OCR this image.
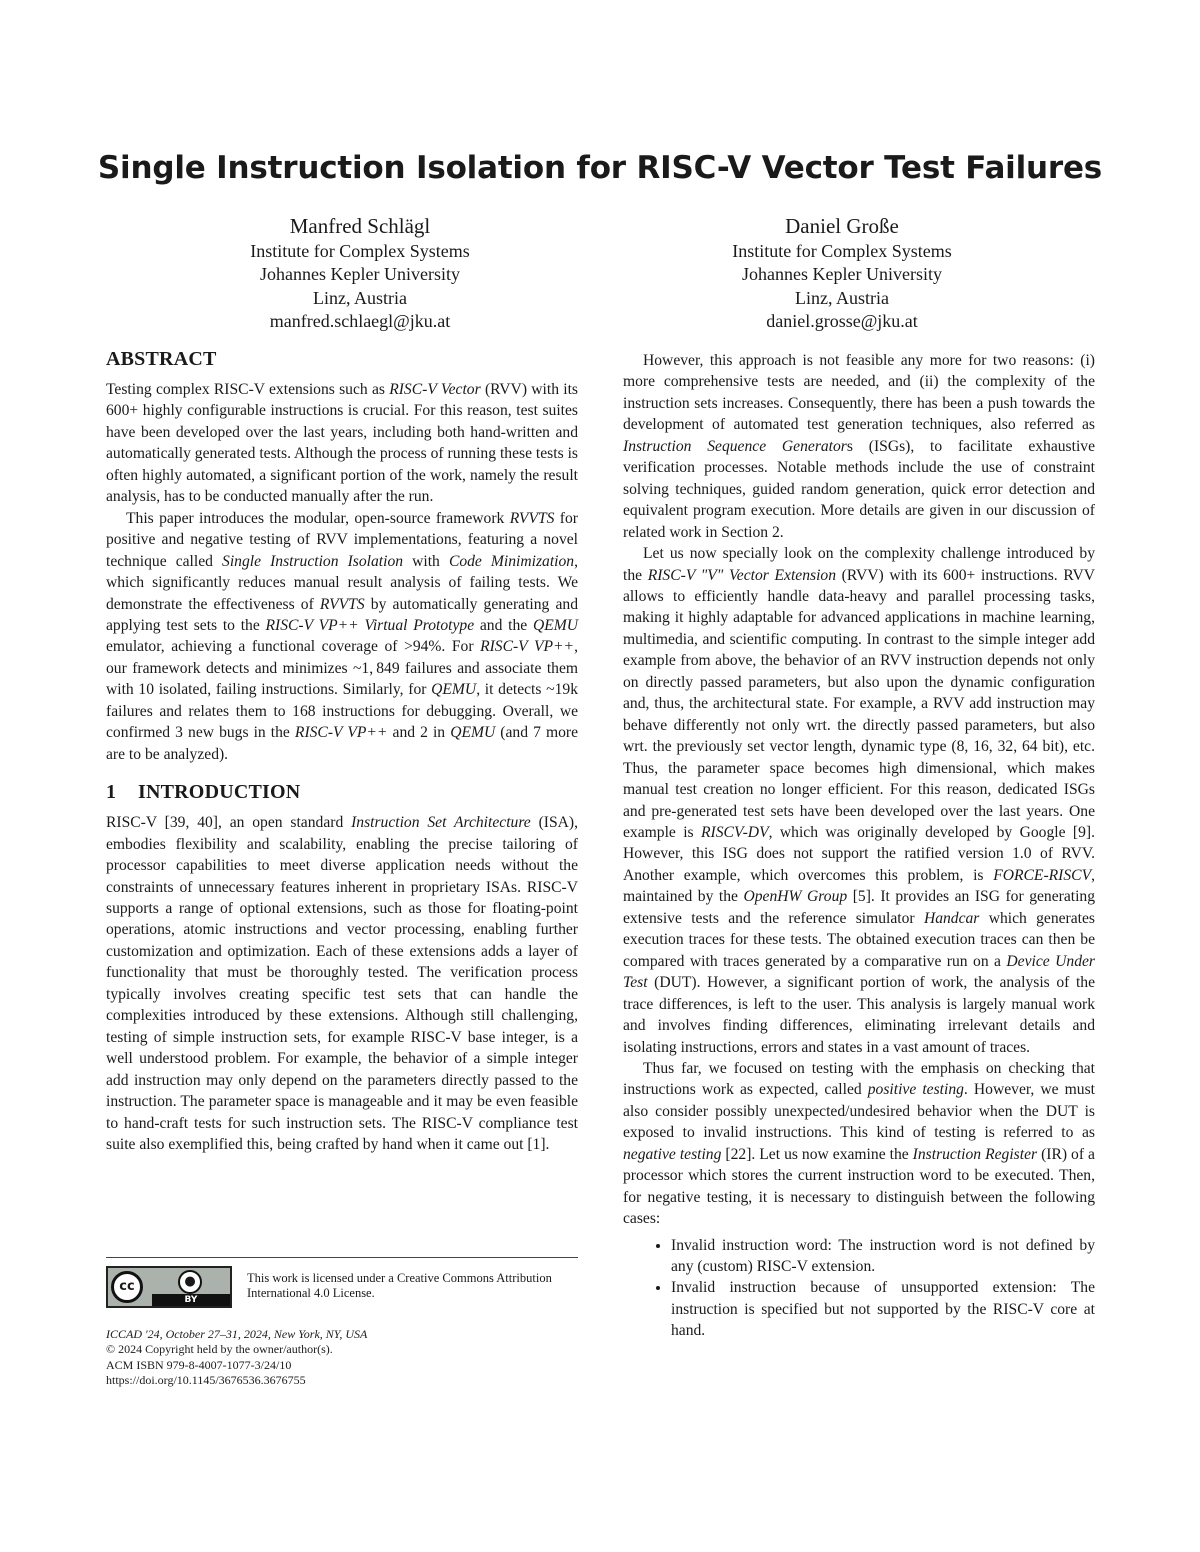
Single Instruction Isolation for RISC-V Vector Test Failures
Manfred Schlägl
Institute for Complex Systems
Johannes Kepler University
Linz, Austria
manfred.schlaegl@jku.at
Daniel Große
Institute for Complex Systems
Johannes Kepler University
Linz, Austria
daniel.grosse@jku.at
ABSTRACT

Testing complex RISC-V extensions such as RISC-V Vector (RVV) with its 600+ highly configurable instructions is crucial. For this reason, test suites have been developed over the last years, including both hand-written and automatically generated tests. Although the process of running these tests is often highly automated, a significant portion of the work, namely the result analysis, has to be conducted manually after the run.

This paper introduces the modular, open-source framework RVVTS for positive and negative testing of RVV implementations, featuring a novel technique called Single Instruction Isolation with Code Minimization, which significantly reduces manual result analysis of failing tests. We demonstrate the effectiveness of RVVTS by automatically generating and applying test sets to the RISC-V VP++ Virtual Prototype and the QEMU emulator, achieving a functional coverage of >94%. For RISC-V VP++, our framework detects and minimizes ~1, 849 failures and associate them with 10 isolated, failing instructions. Similarly, for QEMU, it detects ~19k failures and relates them to 168 instructions for debugging. Overall, we confirmed 3 new bugs in the RISC-V VP++ and 2 in QEMU (and 7 more are to be analyzed).

1 INTRODUCTION

RISC-V [39, 40], an open standard Instruction Set Architecture (ISA), embodies flexibility and scalability, enabling the precise tailoring of processor capabilities to meet diverse application needs without the constraints of unnecessary features inherent in proprietary ISAs. RISC-V supports a range of optional extensions, such as those for floating-point operations, atomic instructions and vector processing, enabling further customization and optimization. Each of these extensions adds a layer of functionality that must be thoroughly tested. The verification process typically involves creating specific test sets that can handle the complexities introduced by these extensions. Although still challenging, testing of simple instruction sets, for example RISC-V base integer, is a well understood problem. For example, the behavior of a simple integer add instruction may only depend on the parameters directly passed to the instruction. The parameter space is manageable and it may be even feasible to hand-craft tests for such instruction sets. The RISC-V compliance test suite also exemplified this, being crafted by hand when it came out [1].

However, this approach is not feasible any more for two reasons: (i) more comprehensive tests are needed, and (ii) the complexity of the instruction sets increases. Consequently, there has been a push towards the development of automated test generation techniques, also referred as Instruction Sequence Generators (ISGs), to facilitate exhaustive verification processes. Notable methods include the use of constraint solving techniques, guided random generation, quick error detection and equivalent program execution. More details are given in our discussion of related work in Section 2.

Let us now specially look on the complexity challenge introduced by the RISC-V "V" Vector Extension (RVV) with its 600+ instructions. RVV allows to efficiently handle data-heavy and parallel processing tasks, making it highly adaptable for advanced applications in machine learning, multimedia, and scientific computing. In contrast to the simple integer add example from above, the behavior of an RVV instruction depends not only on directly passed parameters, but also upon the dynamic configuration and, thus, the architectural state. For example, a RVV add instruction may behave differently not only wrt. the directly passed parameters, but also wrt. the previously set vector length, dynamic type (8, 16, 32, 64 bit), etc. Thus, the parameter space becomes high dimensional, which makes manual test creation no longer efficient. For this reason, dedicated ISGs and pre-generated test sets have been developed over the last years. One example is RISCV-DV, which was originally developed by Google [9]. However, this ISG does not support the ratified version 1.0 of RVV. Another example, which overcomes this problem, is FORCE-RISCV, maintained by the OpenHW Group [5]. It provides an ISG for generating extensive tests and the reference simulator Handcar which generates execution traces for these tests. The obtained execution traces can then be compared with traces generated by a comparative run on a Device Under Test (DUT). However, a significant portion of work, the analysis of the trace differences, is left to the user. This analysis is largely manual work and involves finding differences, eliminating irrelevant details and isolating instructions, errors and states in a vast amount of traces.

Thus far, we focused on testing with the emphasis on checking that instructions work as expected, called positive testing. However, we must also consider possibly unexpected/undesired behavior when the DUT is exposed to invalid instructions. This kind of testing is referred to as negative testing [22]. Let us now examine the Instruction Register (IR) of a processor which stores the current instruction word to be executed. Then, for negative testing, it is necessary to distinguish between the following cases:

• Invalid instruction word: The instruction word is not defined by any (custom) RISC-V extension.
• Invalid instruction because of unsupported extension: The instruction is specified but not supported by the RISC-V core at hand.
cc	●
BY
This work is licensed under a Creative Commons Attribution International 4.0 License.
ICCAD '24, October 27–31, 2024, New York, NY, USA
© 2024 Copyright held by the owner/author(s).
ACM ISBN 979-8-4007-1077-3/24/10
https://doi.org/10.1145/3676536.3676755
